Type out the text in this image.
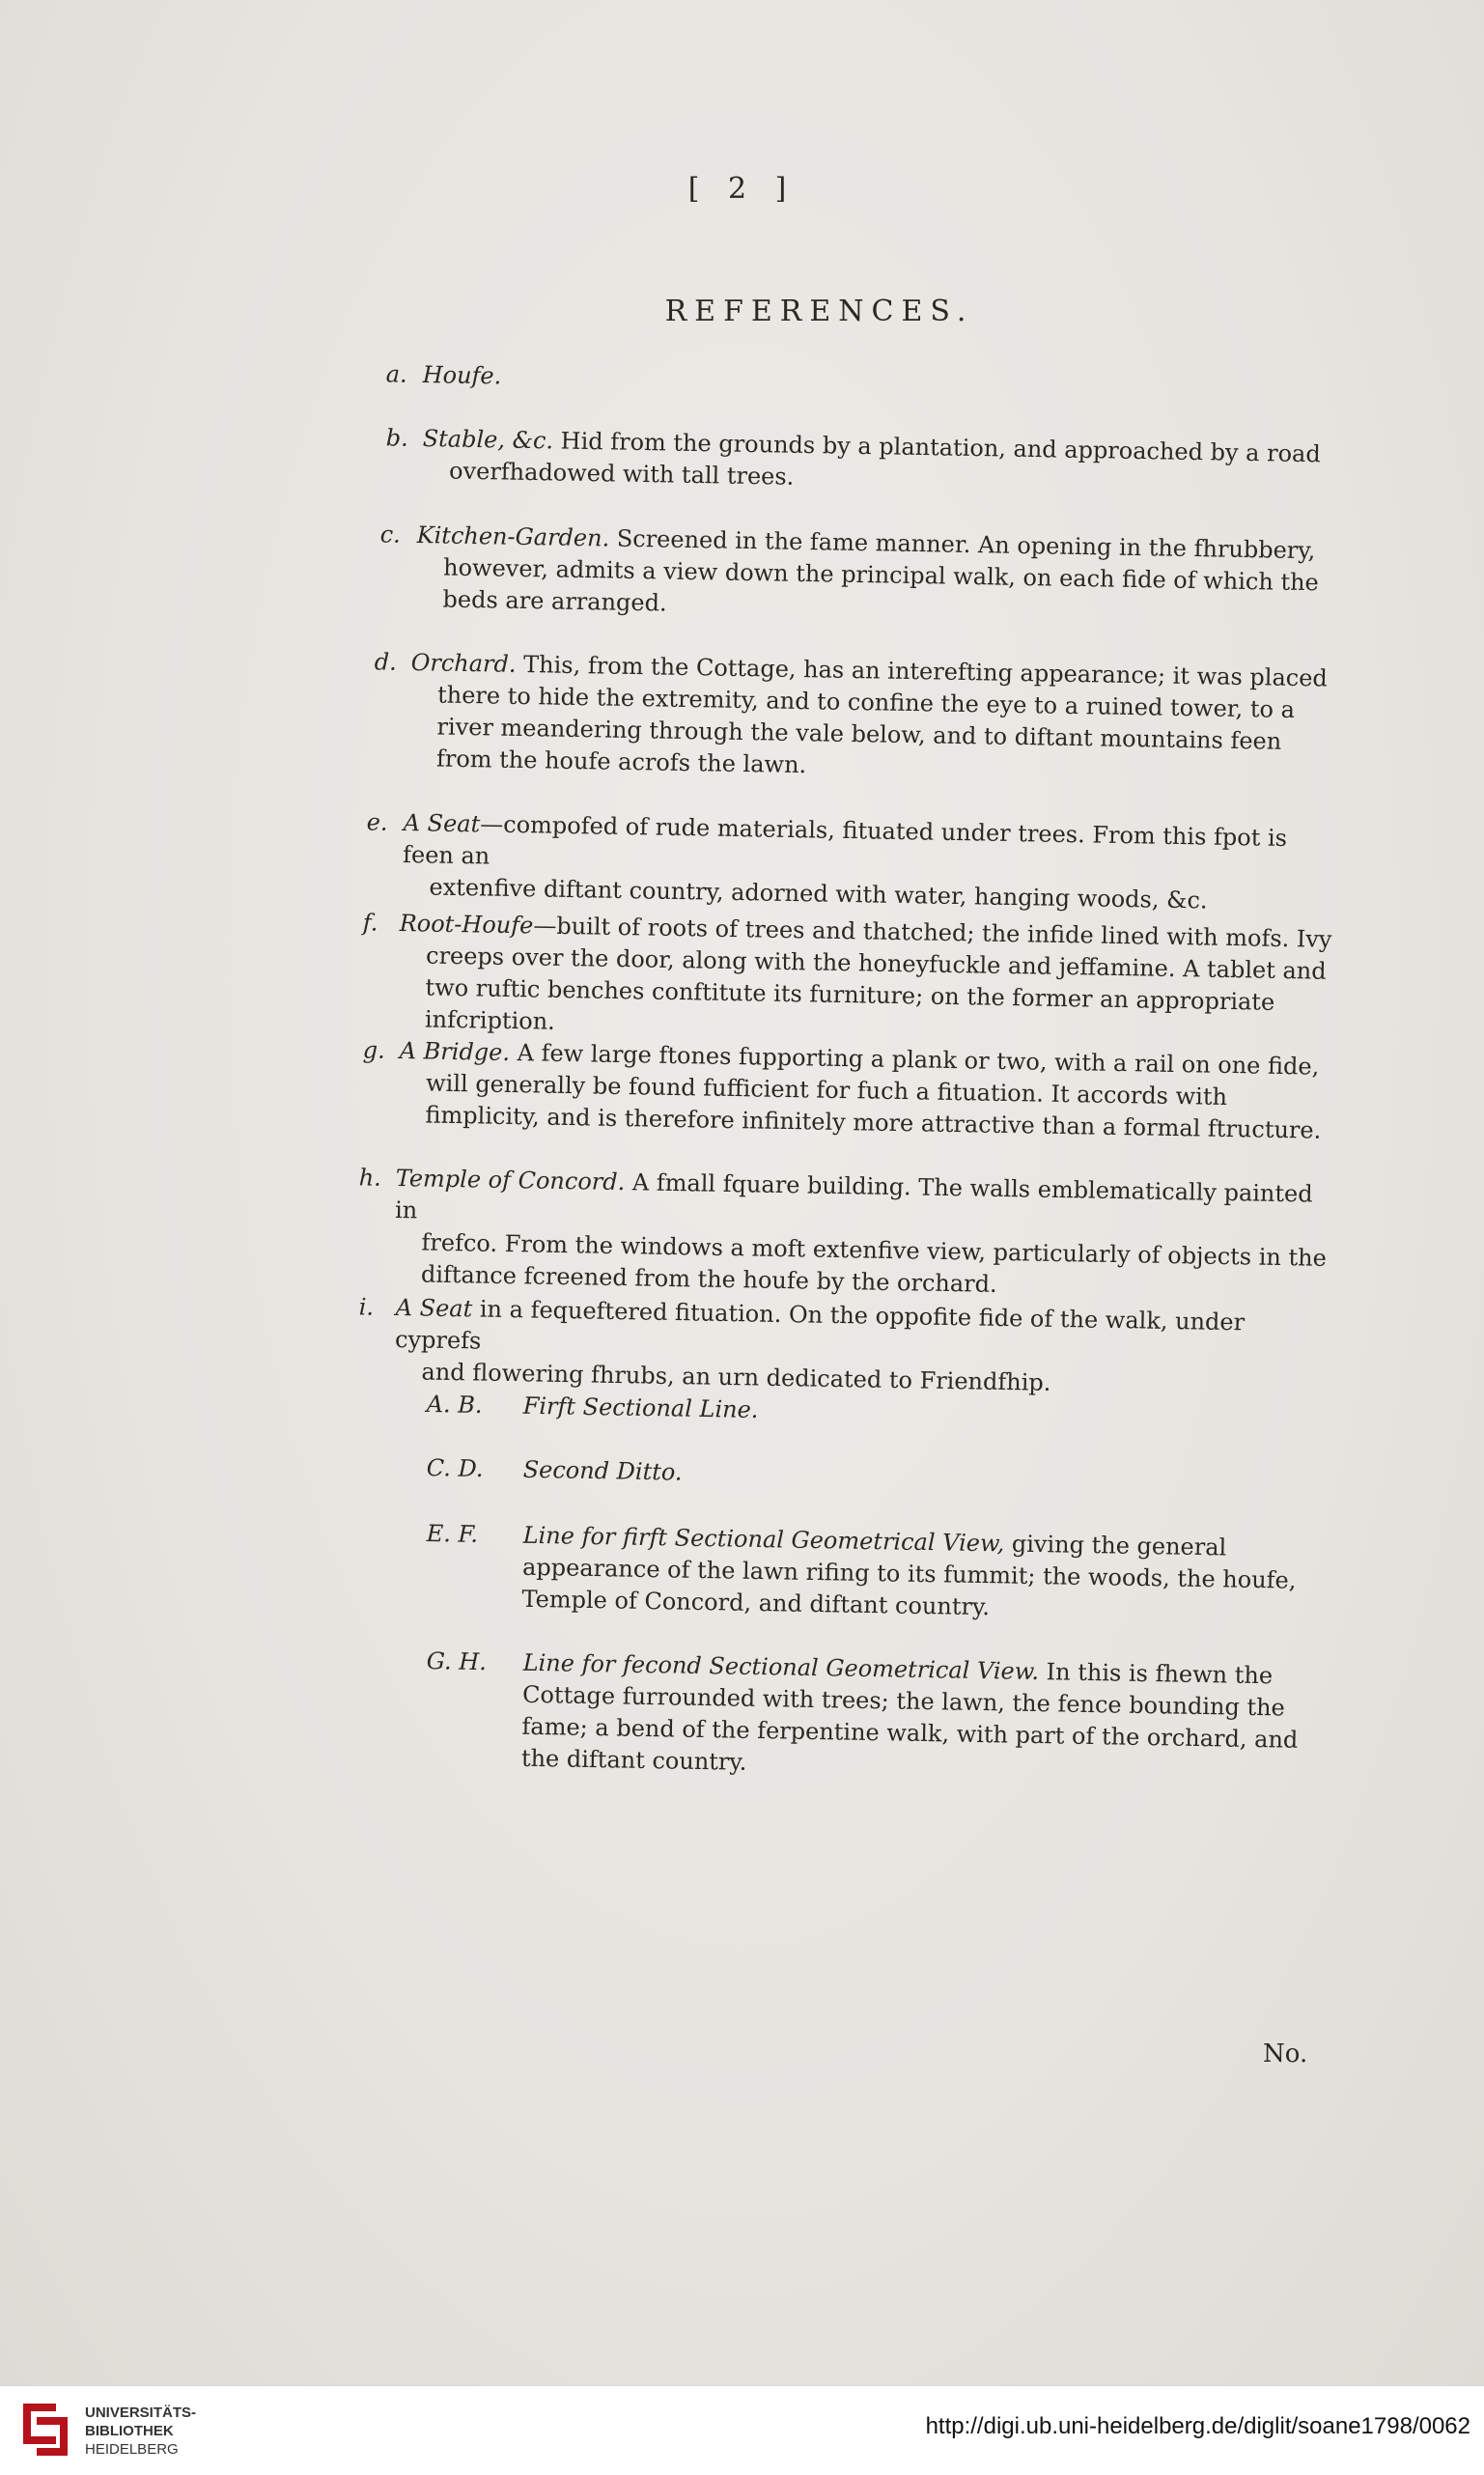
[ 2 ]
REFERENCES.
a. Houfe.
b. Stable, &c. Hid from the grounds by a plantation, and approached by a road
overfhadowed with tall trees.
c. Kitchen-Garden. Screened in the fame manner. An opening in the fhrubbery,
however, admits a view down the principal walk, on each fide of which the beds are arranged.
d. Orchard. This, from the Cottage, has an interefting appearance; it was placed
there to hide the extremity, and to confine the eye to a ruined tower, to a river meandering through the vale below, and to diftant mountains feen from the houfe acrofs the lawn.
e. A Seat—compofed of rude materials, fituated under trees. From this fpot is feen an
extenfive diftant country, adorned with water, hanging woods, &c.
f. Root-Houfe—built of roots of trees and thatched; the infide lined with mofs. Ivy
creeps over the door, along with the honeyfuckle and jeffamine. A tablet and two ruftic benches conftitute its furniture; on the former an appropriate infcription.
g. A Bridge. A few large ftones fupporting a plank or two, with a rail on one fide,
will generally be found fufficient for fuch a fituation. It accords with fimplicity, and is therefore infinitely more attractive than a formal ftructure.
h. Temple of Concord. A fmall fquare building. The walls emblematically painted in
frefco. From the windows a moft extenfive view, particularly of objects in the diftance fcreened from the houfe by the orchard.
i. A Seat in a fequeftered fituation. On the oppofite fide of the walk, under cyprefs
and flowering fhrubs, an urn dedicated to Friendfhip.
A. B. Firft Sectional Line.
C. D. Second Ditto.
E. F. Line for firft Sectional Geometrical View, giving the general appearance of the lawn rifing to its fummit; the woods, the houfe, Temple of Concord, and diftant country.
G. H. Line for fecond Sectional Geometrical View. In this is fhewn the Cottage furrounded with trees; the lawn, the fence bounding the fame; a bend of the ferpentine walk, with part of the orchard, and the diftant country.
No.
UNIVERSITÄTS-
BIBLIOTHEK
HEIDELBERG
http://digi.ub.uni-heidelberg.de/diglit/soane1798/0062
